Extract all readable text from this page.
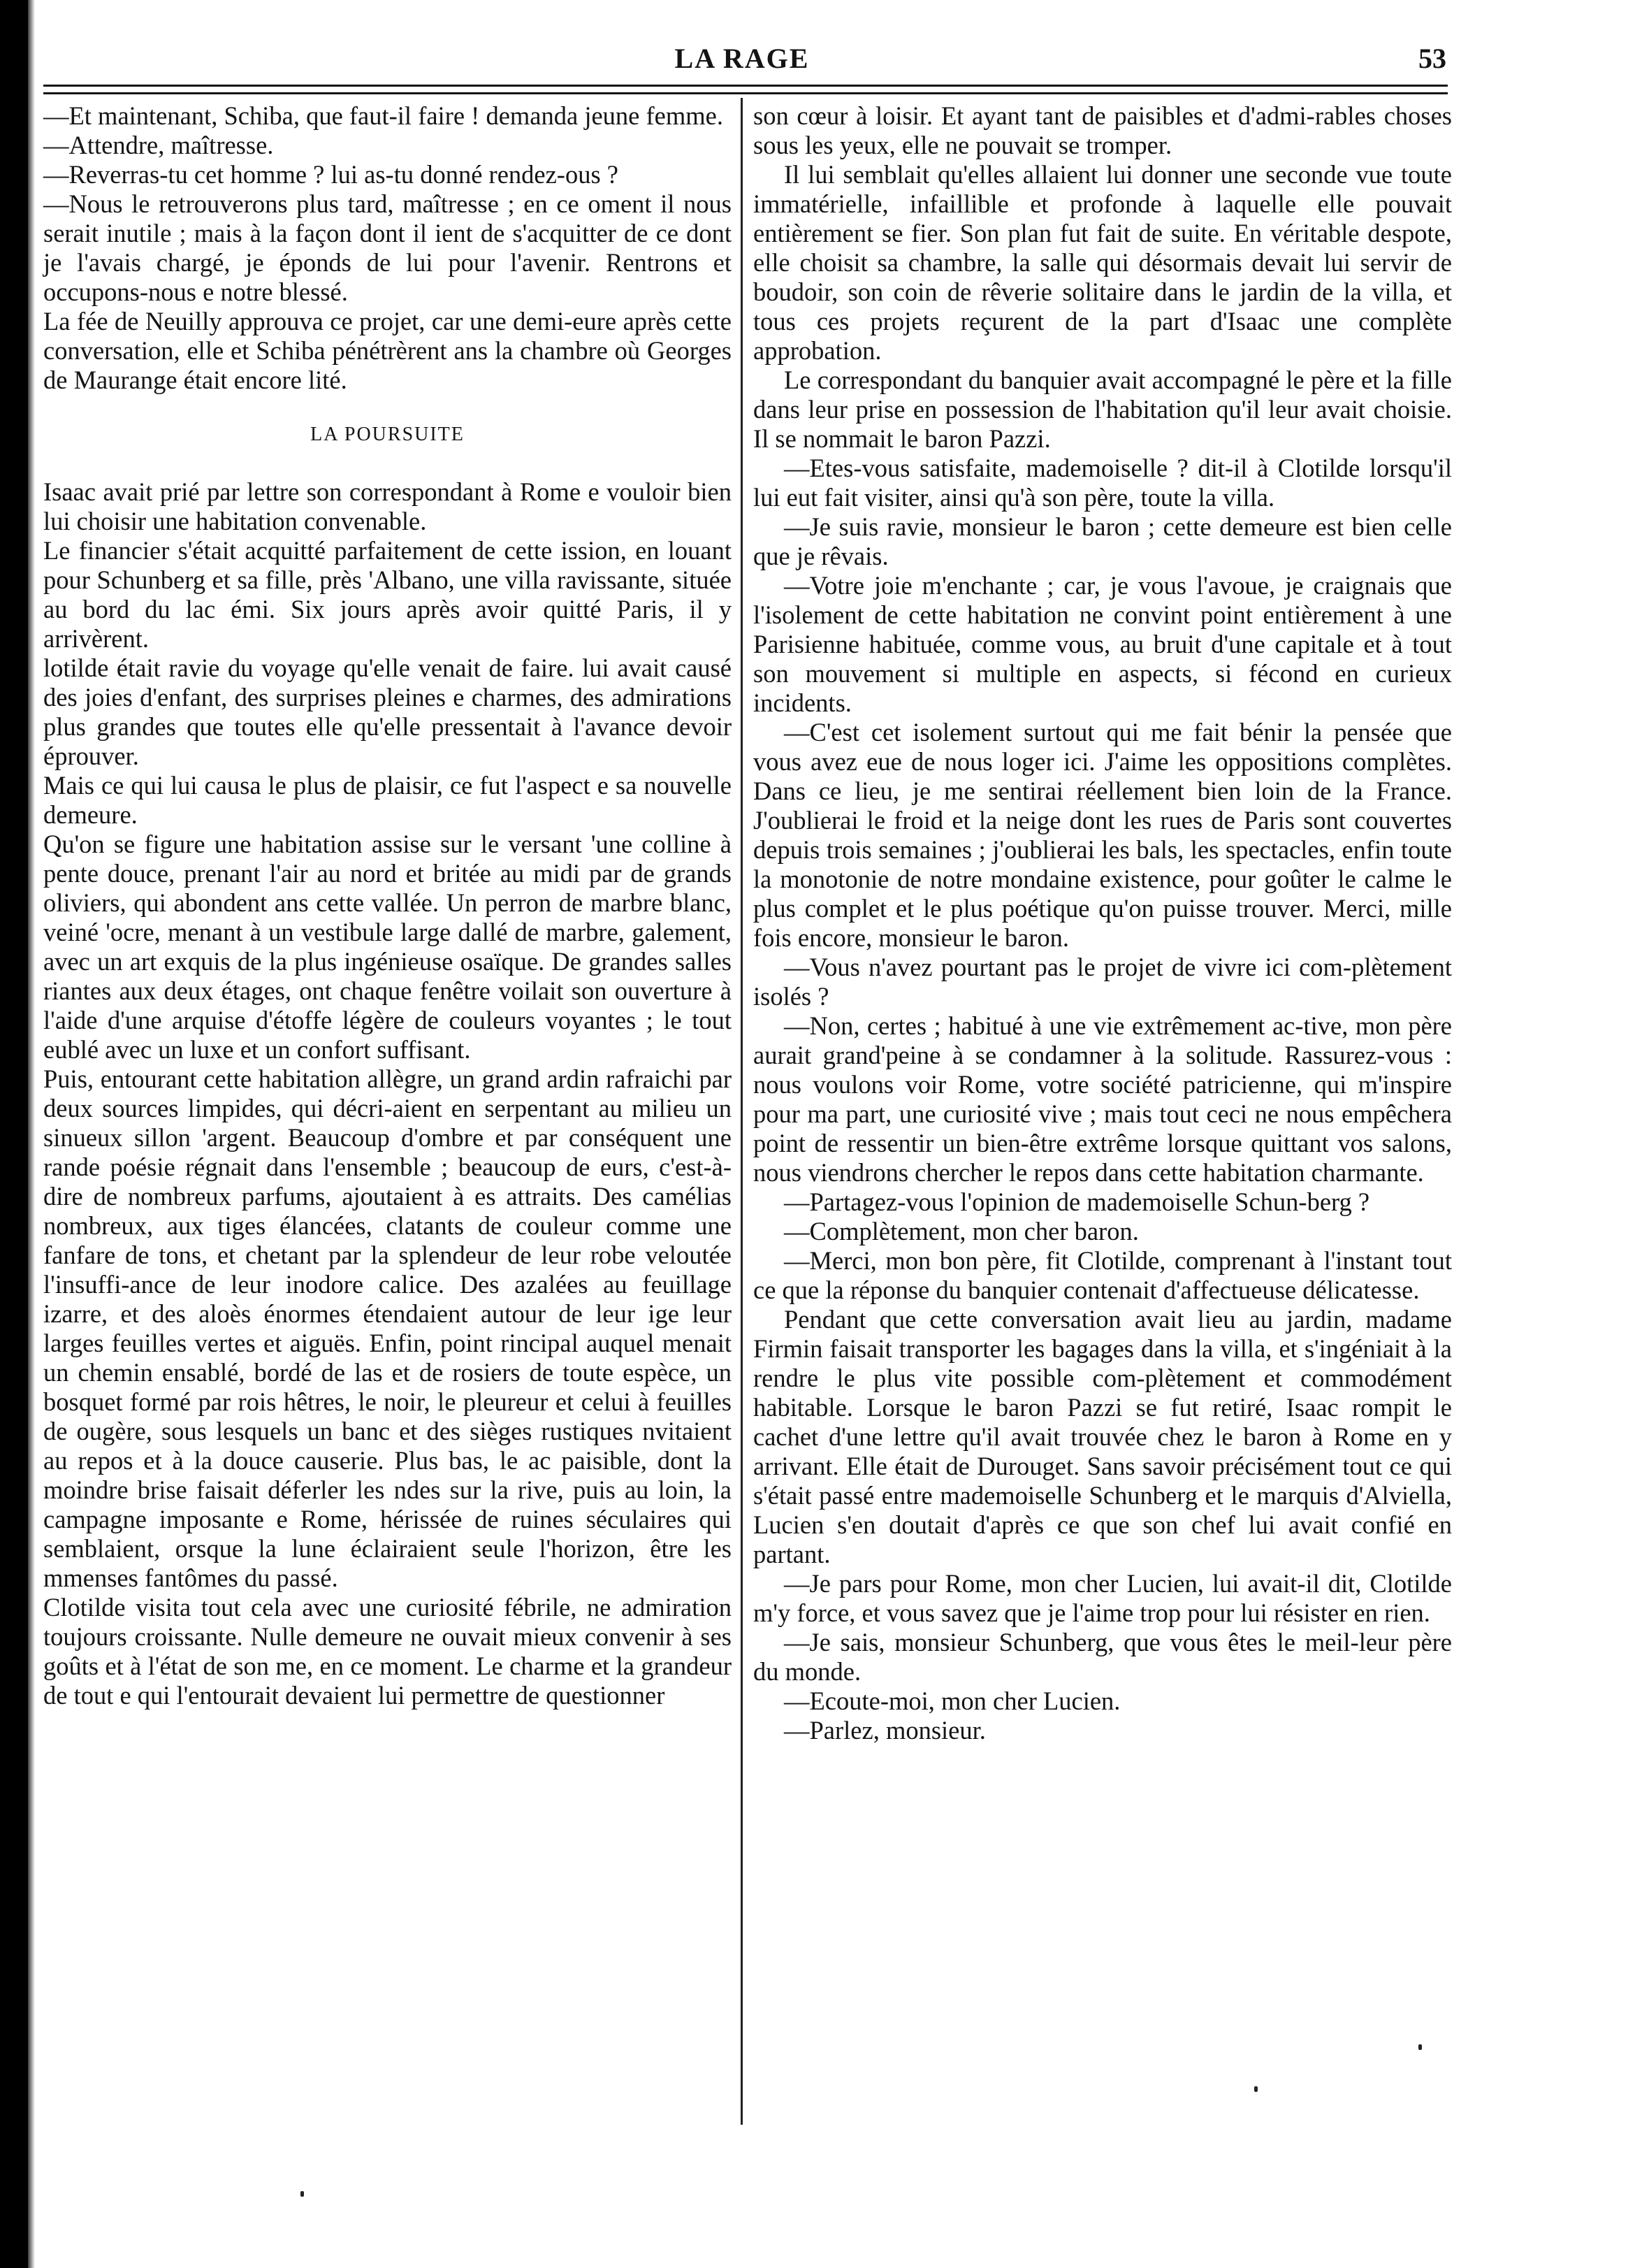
LA RAGE	53

—Et maintenant, Schiba, que faut-il faire ! demanda jeune femme.

—Attendre, maîtresse.

—Reverras-tu cet homme ? lui as-tu donné rendez-ous ?

—Nous le retrouverons plus tard, maîtresse ; en ce oment il nous serait inutile ; mais à la façon dont il ient de s'acquitter de ce dont je l'avais chargé, je éponds de lui pour l'avenir. Rentrons et occupons-nous e notre blessé.

La fée de Neuilly approuva ce projet, car une demi-eure après cette conversation, elle et Schiba pénétrèrent ans la chambre où Georges de Maurange était encore lité.

LA POURSUITE

Isaac avait prié par lettre son correspondant à Rome e vouloir bien lui choisir une habitation convenable.

Le financier s'était acquitté parfaitement de cette ission, en louant pour Schunberg et sa fille, près 'Albano, une villa ravissante, située au bord du lac émi. Six jours après avoir quitté Paris, il y arrivèrent.

lotilde était ravie du voyage qu'elle venait de faire. lui avait causé des joies d'enfant, des surprises pleines e charmes, des admirations plus grandes que toutes elle qu'elle pressentait à l'avance devoir éprouver.

Mais ce qui lui causa le plus de plaisir, ce fut l'aspect e sa nouvelle demeure.

Qu'on se figure une habitation assise sur le versant 'une colline à pente douce, prenant l'air au nord et britée au midi par de grands oliviers, qui abondent ans cette vallée. Un perron de marbre blanc, veiné 'ocre, menant à un vestibule large dallé de marbre, galement, avec un art exquis de la plus ingénieuse osaïque. De grandes salles riantes aux deux étages, ont chaque fenêtre voilait son ouverture à l'aide d'une arquise d'étoffe légère de couleurs voyantes ; le tout eublé avec un luxe et un confort suffisant.

Puis, entourant cette habitation allègre, un grand ardin rafraichi par deux sources limpides, qui décri-aient en serpentant au milieu un sinueux sillon 'argent. Beaucoup d'ombre et par conséquent une rande poésie régnait dans l'ensemble ; beaucoup de eurs, c'est-à-dire de nombreux parfums, ajoutaient à es attraits. Des camélias nombreux, aux tiges élancées, clatants de couleur comme une fanfare de tons, et chetant par la splendeur de leur robe veloutée l'insuffi-ance de leur inodore calice. Des azalées au feuillage izarre, et des aloès énormes étendaient autour de leur ige leur larges feuilles vertes et aiguës. Enfin, point rincipal auquel menait un chemin ensablé, bordé de las et de rosiers de toute espèce, un bosquet formé par rois hêtres, le noir, le pleureur et celui à feuilles de ougère, sous lesquels un banc et des sièges rustiques nvitaient au repos et à la douce causerie. Plus bas, le ac paisible, dont la moindre brise faisait déferler les ndes sur la rive, puis au loin, la campagne imposante e Rome, hérissée de ruines séculaires qui semblaient, orsque la lune éclairaient seule l'horizon, être les mmenses fantômes du passé.

Clotilde visita tout cela avec une curiosité fébrile, ne admiration toujours croissante. Nulle demeure ne ouvait mieux convenir à ses goûts et à l'état de son me, en ce moment. Le charme et la grandeur de tout e qui l'entourait devaient lui permettre de questionner

son cœur à loisir. Et ayant tant de paisibles et d'admi-rables choses sous les yeux, elle ne pouvait se tromper.

Il lui semblait qu'elles allaient lui donner une seconde vue toute immatérielle, infaillible et profonde à laquelle elle pouvait entièrement se fier. Son plan fut fait de suite. En véritable despote, elle choisit sa chambre, la salle qui désormais devait lui servir de boudoir, son coin de rêverie solitaire dans le jardin de la villa, et tous ces projets reçurent de la part d'Isaac une complète approbation.

Le correspondant du banquier avait accompagné le père et la fille dans leur prise en possession de l'habitation qu'il leur avait choisie. Il se nommait le baron Pazzi.

—Etes-vous satisfaite, mademoiselle ? dit-il à Clotilde lorsqu'il lui eut fait visiter, ainsi qu'à son père, toute la villa.

—Je suis ravie, monsieur le baron ; cette demeure est bien celle que je rêvais.

—Votre joie m'enchante ; car, je vous l'avoue, je craignais que l'isolement de cette habitation ne convint point entièrement à une Parisienne habituée, comme vous, au bruit d'une capitale et à tout son mouvement si multiple en aspects, si fécond en curieux incidents.

—C'est cet isolement surtout qui me fait bénir la pensée que vous avez eue de nous loger ici. J'aime les oppositions complètes. Dans ce lieu, je me sentirai réellement bien loin de la France. J'oublierai le froid et la neige dont les rues de Paris sont couvertes depuis trois semaines ; j'oublierai les bals, les spectacles, enfin toute la monotonie de notre mondaine existence, pour goûter le calme le plus complet et le plus poétique qu'on puisse trouver. Merci, mille fois encore, monsieur le baron.

—Vous n'avez pourtant pas le projet de vivre ici com-plètement isolés ?

—Non, certes ; habitué à une vie extrêmement ac-tive, mon père aurait grand'peine à se condamner à la solitude. Rassurez-vous : nous voulons voir Rome, votre société patricienne, qui m'inspire pour ma part, une curiosité vive ; mais tout ceci ne nous empêchera point de ressentir un bien-être extrême lorsque quittant vos salons, nous viendrons chercher le repos dans cette habitation charmante.

—Partagez-vous l'opinion de mademoiselle Schun-berg ?

—Complètement, mon cher baron.

—Merci, mon bon père, fit Clotilde, comprenant à l'instant tout ce que la réponse du banquier contenait d'affectueuse délicatesse.

Pendant que cette conversation avait lieu au jardin, madame Firmin faisait transporter les bagages dans la villa, et s'ingéniait à la rendre le plus vite possible com-plètement et commodément habitable. Lorsque le baron Pazzi se fut retiré, Isaac rompit le cachet d'une lettre qu'il avait trouvée chez le baron à Rome en y arrivant. Elle était de Durouget. Sans savoir précisément tout ce qui s'était passé entre mademoiselle Schunberg et le marquis d'Alviella, Lucien s'en doutait d'après ce que son chef lui avait confié en partant.

—Je pars pour Rome, mon cher Lucien, lui avait-il dit, Clotilde m'y force, et vous savez que je l'aime trop pour lui résister en rien.

—Je sais, monsieur Schunberg, que vous êtes le meil-leur père du monde.

—Ecoute-moi, mon cher Lucien.

—Parlez, monsieur.
